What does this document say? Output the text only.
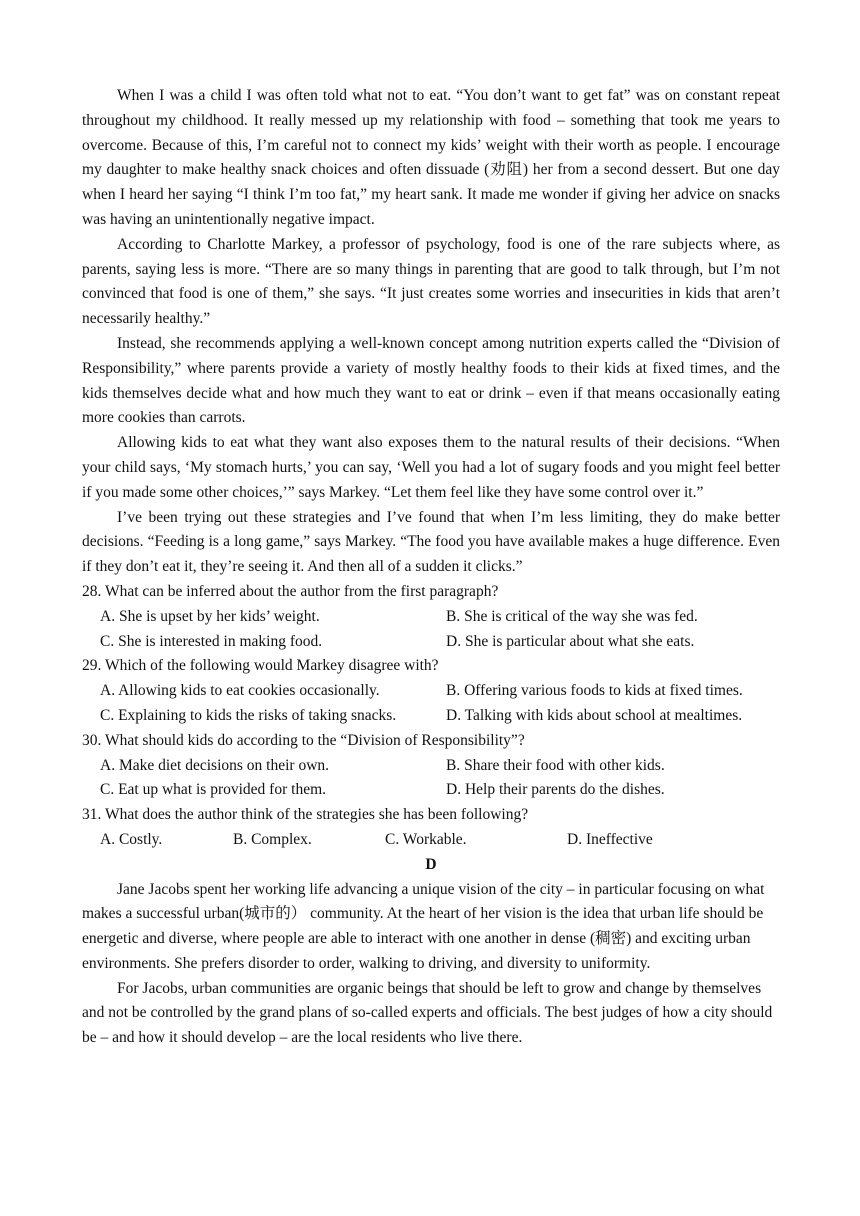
When I was a child I was often told what not to eat. “You don’t want to get fat” was on constant repeat throughout my childhood. It really messed up my relationship with food – something that took me years to overcome. Because of this, I’m careful not to connect my kids’ weight with their worth as people. I encourage my daughter to make healthy snack choices and often dissuade (劝阻) her from a second dessert. But one day when I heard her saying “I think I’m too fat,” my heart sank. It made me wonder if giving her advice on snacks was having an unintentionally negative impact.

According to Charlotte Markey, a professor of psychology, food is one of the rare subjects where, as parents, saying less is more. “There are so many things in parenting that are good to talk through, but I’m not convinced that food is one of them,” she says. “It just creates some worries and insecurities in kids that aren’t necessarily healthy.”

Instead, she recommends applying a well-known concept among nutrition experts called the “Division of Responsibility,” where parents provide a variety of mostly healthy foods to their kids at fixed times, and the kids themselves decide what and how much they want to eat or drink – even if that means occasionally eating more cookies than carrots.

Allowing kids to eat what they want also exposes them to the natural results of their decisions. “When your child says, ‘My stomach hurts,’ you can say, ‘Well you had a lot of sugary foods and you might feel better if you made some other choices,’” says Markey. “Let them feel like they have some control over it.”

I’ve been trying out these strategies and I’ve found that when I’m less limiting, they do make better decisions. “Feeding is a long game,” says Markey. “The food you have available makes a huge difference. Even if they don’t eat it, they’re seeing it. And then all of a sudden it clicks.”

28. What can be inferred about the author from the first paragraph?

A. She is upset by her kids’ weight.	B. She is critical of the way she was fed.
C. She is interested in making food.	D. She is particular about what she eats.

29. Which of the following would Markey disagree with?

A. Allowing kids to eat cookies occasionally.	B. Offering various foods to kids at fixed times.
C. Explaining to kids the risks of taking snacks.	D. Talking with kids about school at mealtimes.

30. What should kids do according to the “Division of Responsibility”?

A. Make diet decisions on their own.	B. Share their food with other kids.
C. Eat up what is provided for them.	D. Help their parents do the dishes.

31. What does the author think of the strategies she has been following?

A. Costly.	B. Complex.	C. Workable.	D. Ineffective

D

Jane Jacobs spent her working life advancing a unique vision of the city – in particular focusing on what makes a successful urban(城市的） community. At the heart of her vision is the idea that urban life should be energetic and diverse, where people are able to interact with one another in dense (稠密) and exciting urban environments. She prefers disorder to order, walking to driving, and diversity to uniformity.

For Jacobs, urban communities are organic beings that should be left to grow and change by themselves and not be controlled by the grand plans of so-called experts and officials. The best judges of how a city should be – and how it should develop – are the local residents who live there.
